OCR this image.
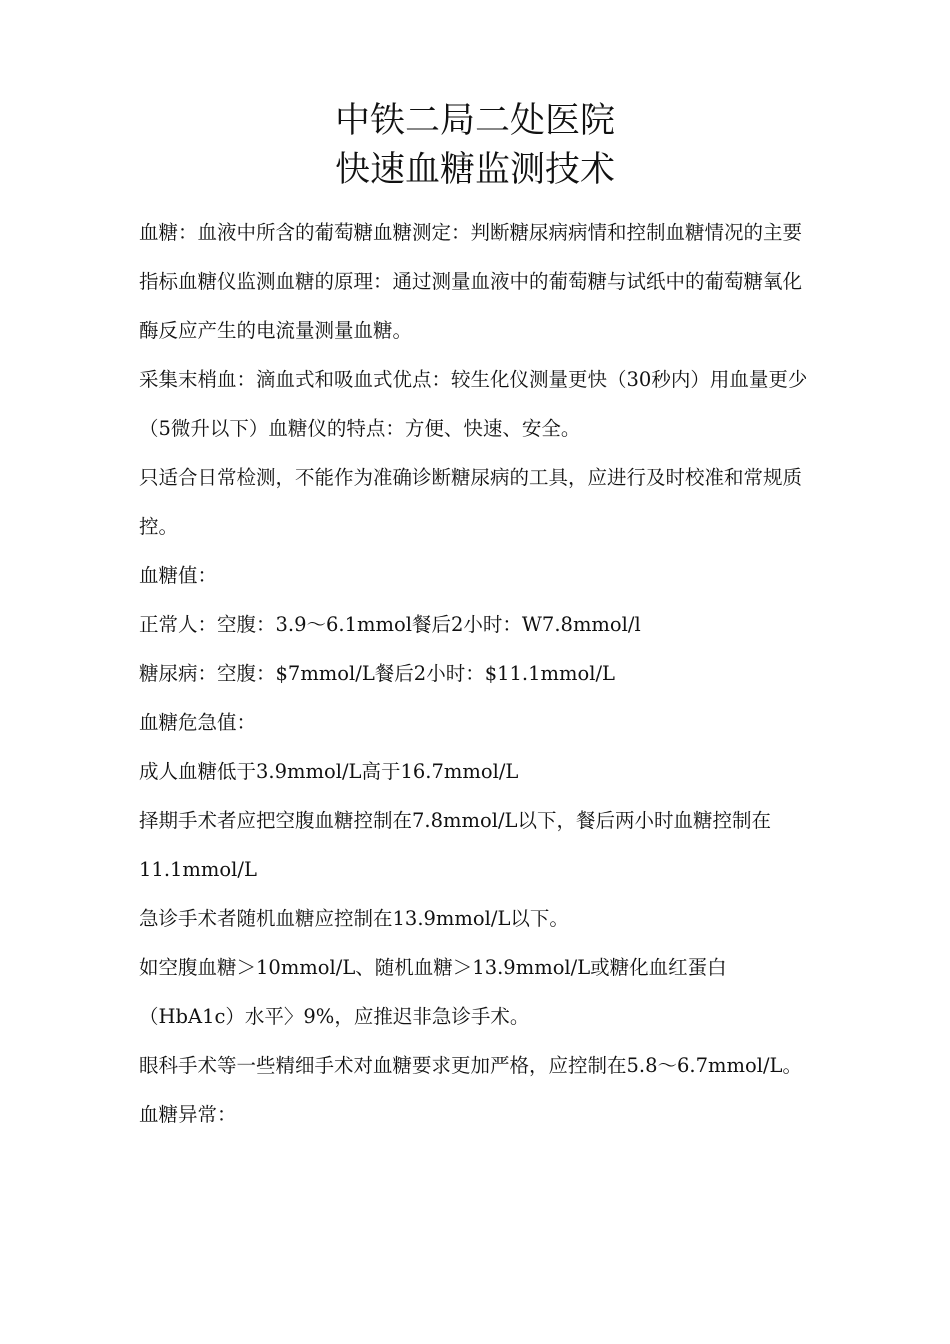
中铁二局二处医院
快速血糖监测技术

血糖：血液中所含的葡萄糖血糖测定：判断糖尿病病情和控制血糖情况的主要指标血糖仪监测血糖的原理：通过测量血液中的葡萄糖与试纸中的葡萄糖氧化酶反应产生的电流量测量血糖。

采集末梢血：滴血式和吸血式优点：较生化仪测量更快（30秒内）用血量更少（5微升以下）血糖仪的特点：方便、快速、安全。

只适合日常检测，不能作为准确诊断糖尿病的工具，应进行及时校准和常规质控。

血糖值：

正常人：空腹：3.9〜6.1mmol餐后2小时：W7.8mmol/l

糖尿病：空腹：$7mmol/L餐后2小时：$11.1mmol/L

血糖危急值：

成人血糖低于3.9mmol/L高于16.7mmol/L

择期手术者应把空腹血糖控制在7.8mmol/L以下，餐后两小时血糖控制在11.1mmol/L

急诊手术者随机血糖应控制在13.9mmol/L以下。

如空腹血糖＞10mmol/L、随机血糖＞13.9mmol/L或糖化血红蛋白

（HbA1c）水平〉9%，应推迟非急诊手术。

眼科手术等一些精细手术对血糖要求更加严格，应控制在5.8〜6.7mmol/L。

血糖异常：
